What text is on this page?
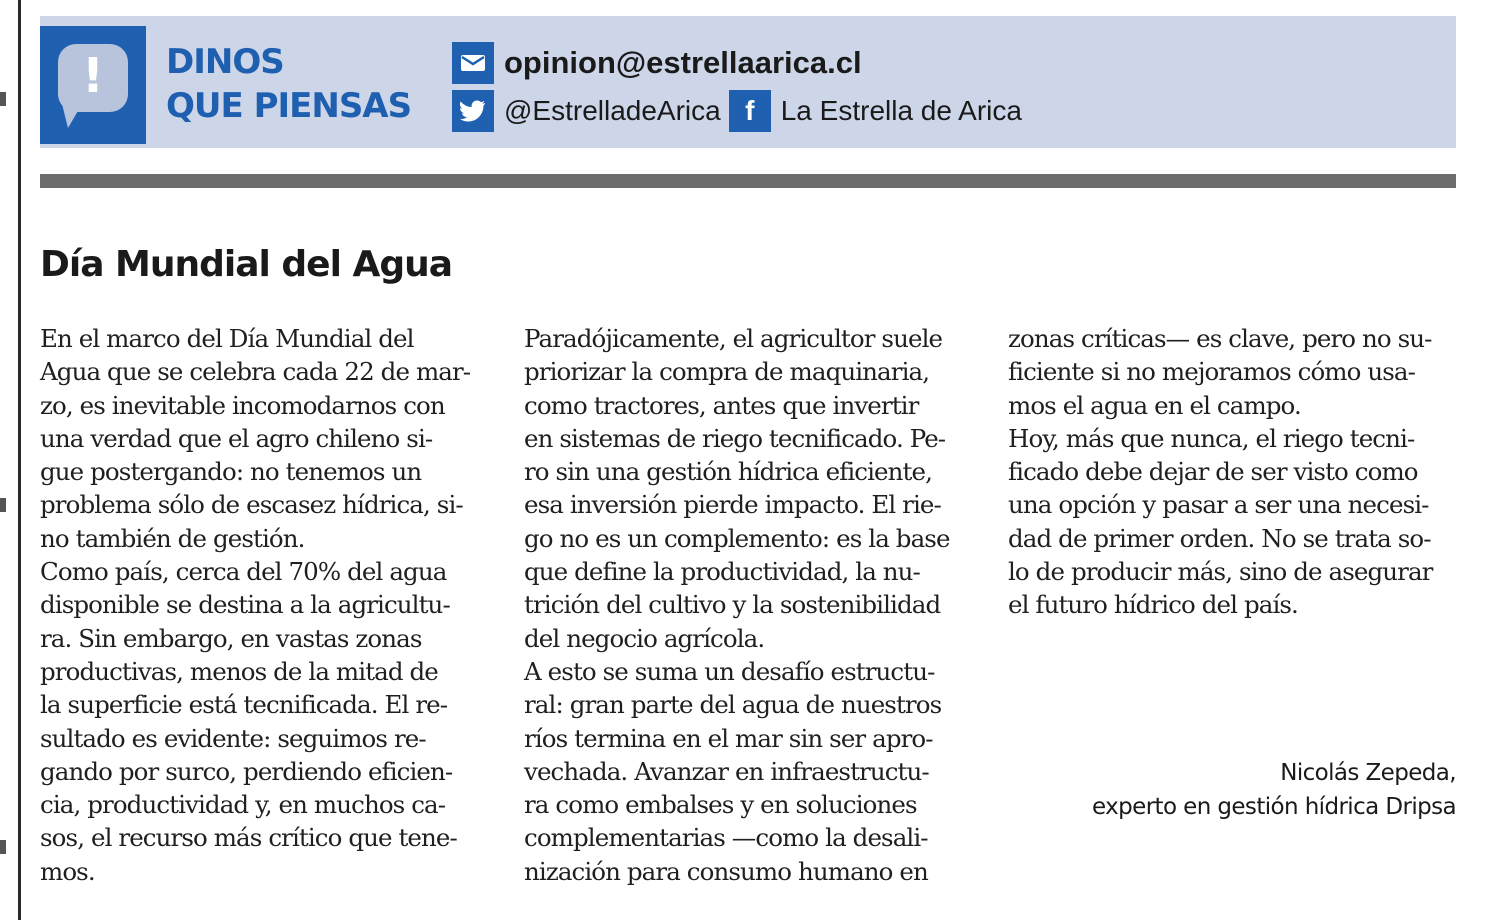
!	DINOS
QUE PIENSAS
opinion@estrellaarica.cl
@EstrelladeArica f La Estrella de Arica
Día Mundial del Agua
En el marco del Día Mundial del
Agua que se celebra cada 22 de mar-
zo, es inevitable incomodarnos con
una verdad que el agro chileno si-
gue postergando: no tenemos un
problema sólo de escasez hídrica, si-
no también de gestión.
Como país, cerca del 70% del agua
disponible se destina a la agricultu-
ra. Sin embargo, en vastas zonas
productivas, menos de la mitad de
la superficie está tecnificada. El re-
sultado es evidente: seguimos re-
gando por surco, perdiendo eficien-
cia, productividad y, en muchos ca-
sos, el recurso más crítico que tene-
mos.
Paradójicamente, el agricultor suele
priorizar la compra de maquinaria,
como tractores, antes que invertir
en sistemas de riego tecnificado. Pe-
ro sin una gestión hídrica eficiente,
esa inversión pierde impacto. El rie-
go no es un complemento: es la base
que define la productividad, la nu-
trición del cultivo y la sostenibilidad
del negocio agrícola.
A esto se suma un desafío estructu-
ral: gran parte del agua de nuestros
ríos termina en el mar sin ser apro-
vechada. Avanzar en infraestructu-
ra como embalses y en soluciones
complementarias —como la desali-
nización para consumo humano en
zonas críticas— es clave, pero no su-
ficiente si no mejoramos cómo usa-
mos el agua en el campo.
Hoy, más que nunca, el riego tecni-
ficado debe dejar de ser visto como
una opción y pasar a ser una necesi-
dad de primer orden. No se trata so-
lo de producir más, sino de asegurar
el futuro hídrico del país.
Nicolás Zepeda,
experto en gestión hídrica Dripsa
